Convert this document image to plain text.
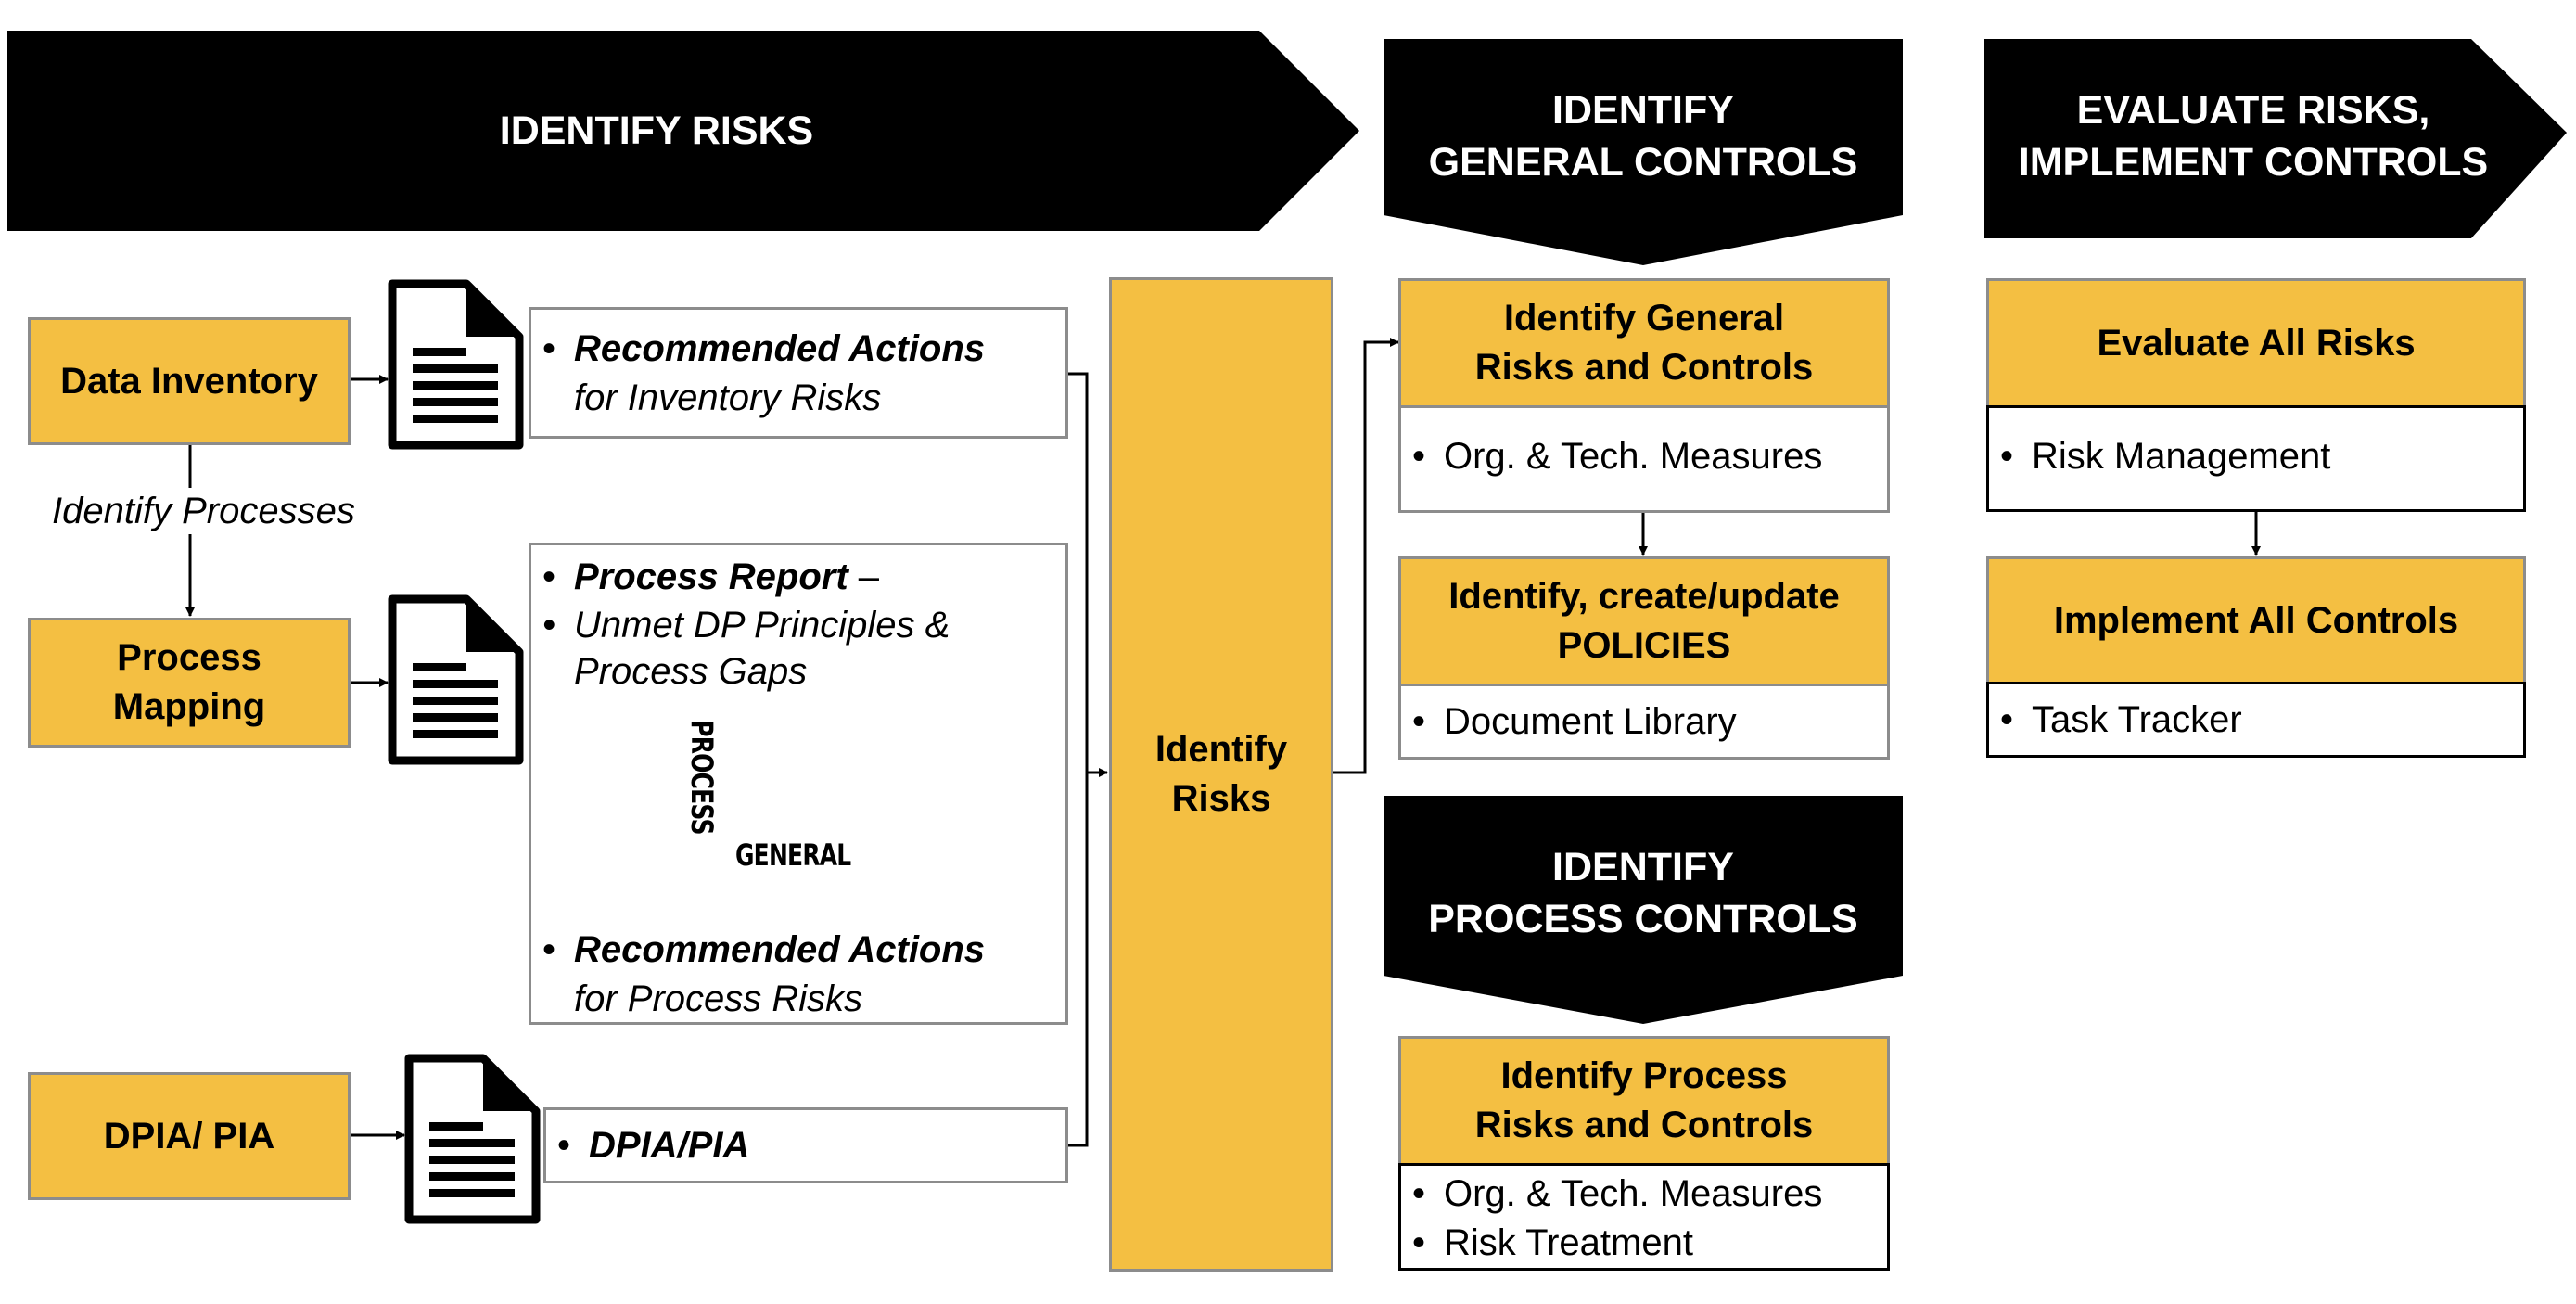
IDENTIFY RISKS	IDENTIFY
GENERAL CONTROLS
EVALUATE RISKS,
IMPLEMENT CONTROLS
IDENTIFY
PROCESS CONTROLS
Data Inventory
Process
Mapping
DPIA/ PIA
Identify Processes
• Recommended Actions
for Inventory Risks
• Process Report –
• Unmet DP Principles &
Process Gaps
• Recommended Actions
for Process Risks
PROCESS
GENERAL
• DPIA/PIA
Identify
Risks
Identify General
Risks and Controls
• Org. & Tech. Measures
Identify, create/update
POLICIES
• Document Library
Identify Process
Risks and Controls
• Org. & Tech. Measures
• Risk Treatment
Evaluate All Risks
• Risk Management
Implement All Controls
• Task Tracker
